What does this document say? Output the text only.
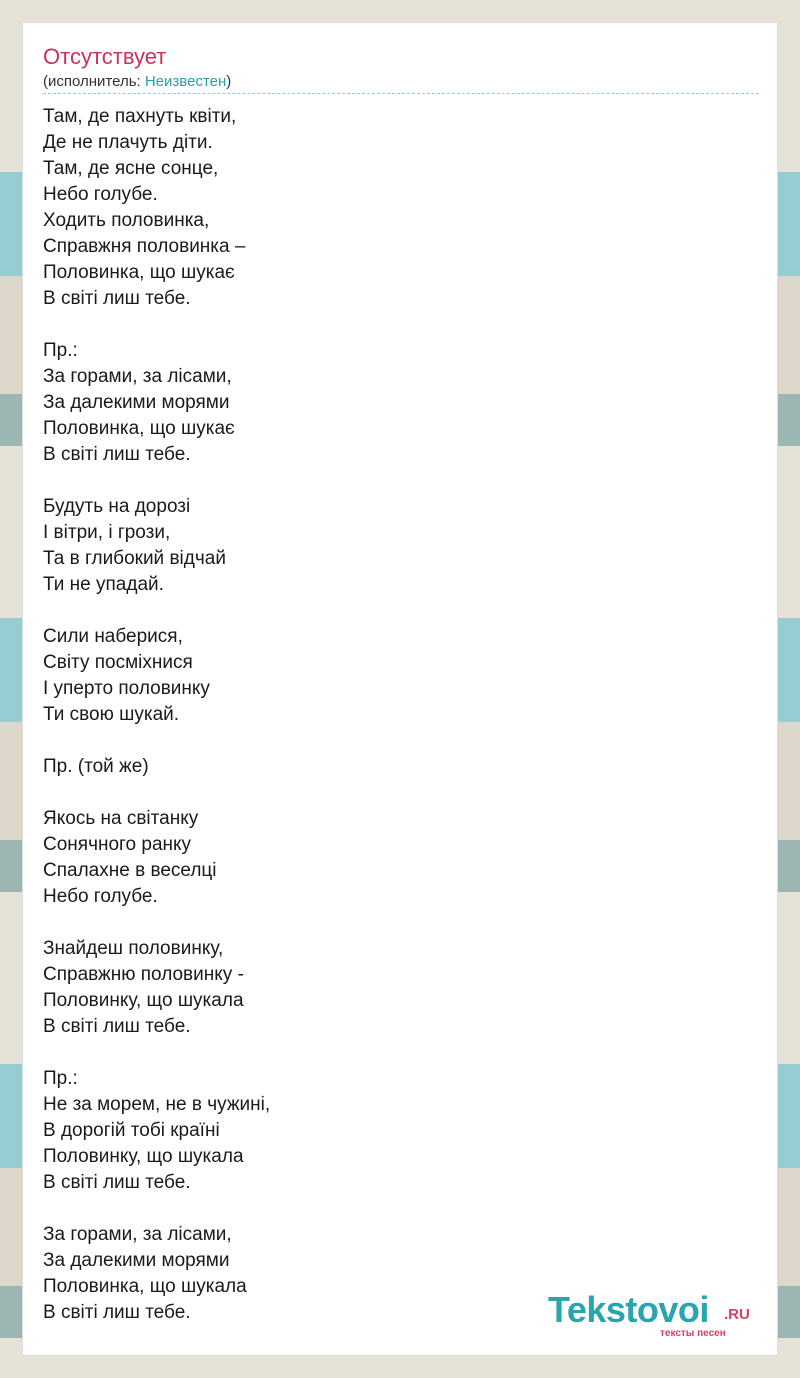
Отсутствует
(исполнитель: Неизвестен)
Там, де пахнуть квіти,
Де не плачуть діти.
Там, де ясне сонце,
Небо голубе.
Ходить половинка,
Справжня половинка –
Половинка, що шукає
В світі лиш тебе.
Пр.:
За горами, за лісами,
За далекими морями
Половинка, що шукає
В світі лиш тебе.
Будуть на дорозі
І вітри, і грози,
Та в глибокий відчай
Ти не упадай.
Сили наберися,
Світу посміхнися
І уперто половинку
Ти свою шукай.
Пр. (той же)
Якось на світанку
Сонячного ранку
Спалахне в веселці
Небо голубе.
Знайдеш половинку,
Справжню половинку -
Половинку, що шукала
В світі лиш тебе.
Пр.:
Не за морем, не в чужині,
В дорогій тобі країні
Половинку, що шукала
В світі лиш тебе.
За горами, за лісами,
За далекими морями
Половинка, що шукала
В світі лиш тебе.	Tekstovoi .RU
тексты песен
